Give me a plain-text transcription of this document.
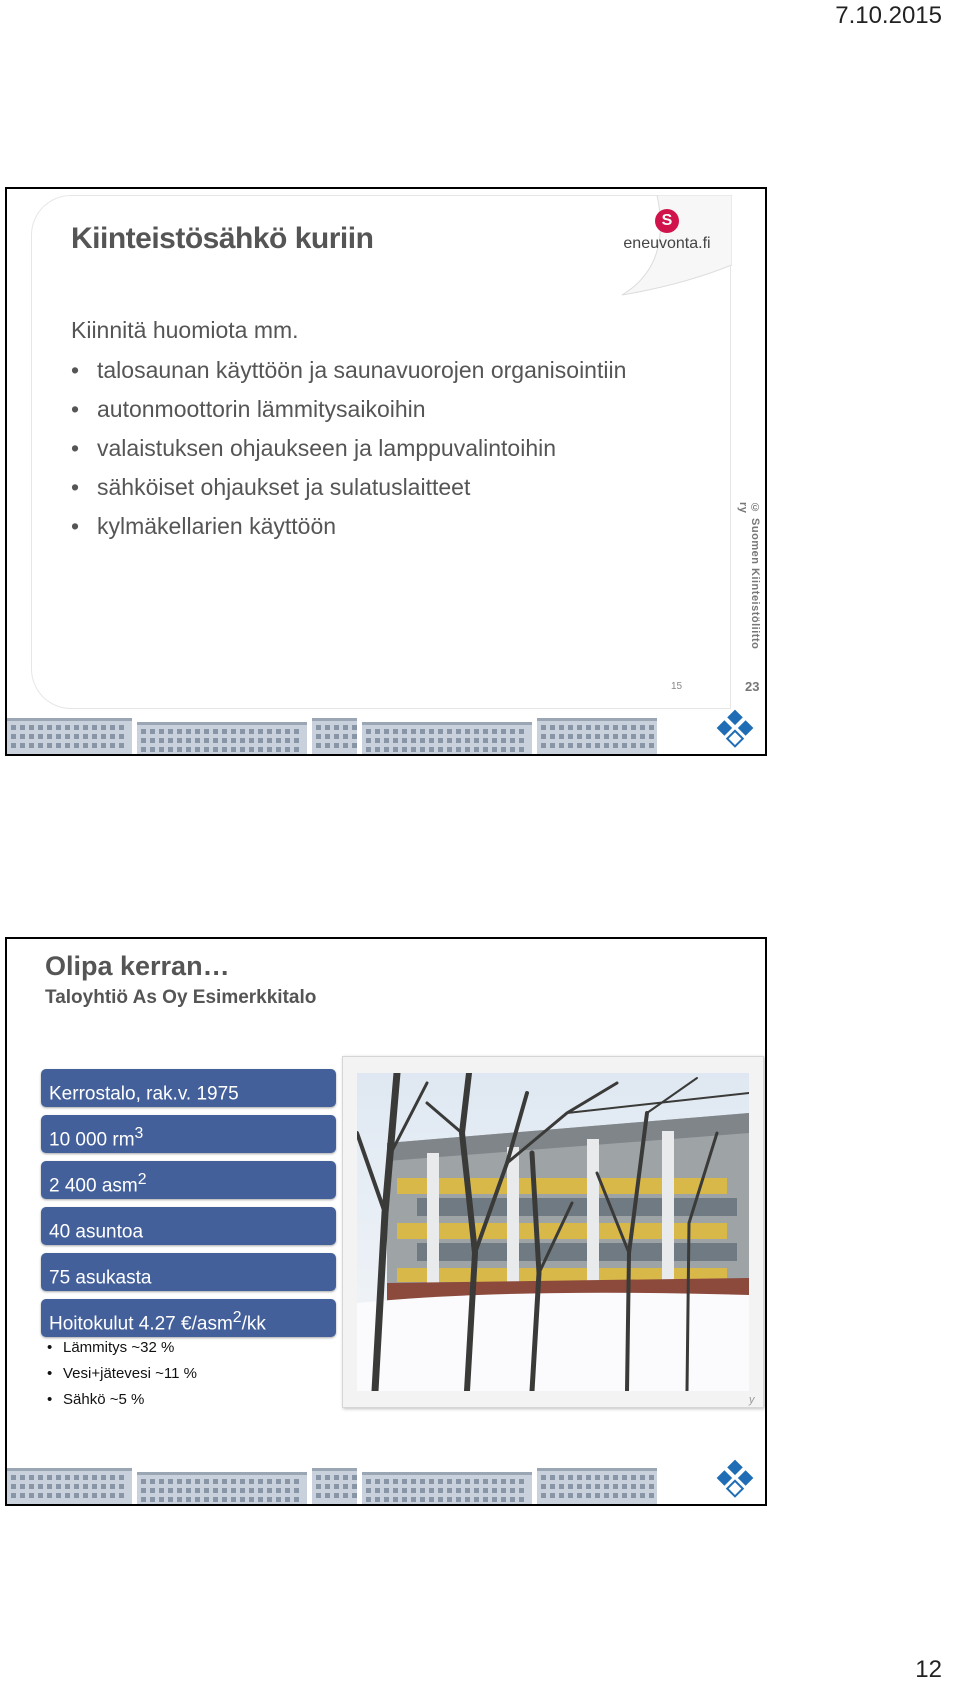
7.10.2015
Kiinteistösähkö kuriin
S
eneuvonta.fi
Kiinnitä huomiota mm.
• talosaunan käyttöön ja saunavuorojen organisointiin
• autonmoottorin lämmitysaikoihin
• valaistuksen ohjaukseen ja lamppuvalintoihin
• sähköiset ohjaukset ja sulatuslaitteet
• kylmäkellarien käyttöön	© Suomen Kiinteistöliitto ry
15	23
Olipa kerran…
Taloyhtiö As Oy Esimerkkitalo
Kerrostalo, rak.v. 1975
10 000 $rm^3$
2 400 asm$^2$
40 asuntoa
75 asukasta
Hoitokulut 4.27 €/asm$^2$/kk
• Lämmitys ~32 %
• Vesi+jätevesi ~11 %
• Sähkö ~5 %	y
12
